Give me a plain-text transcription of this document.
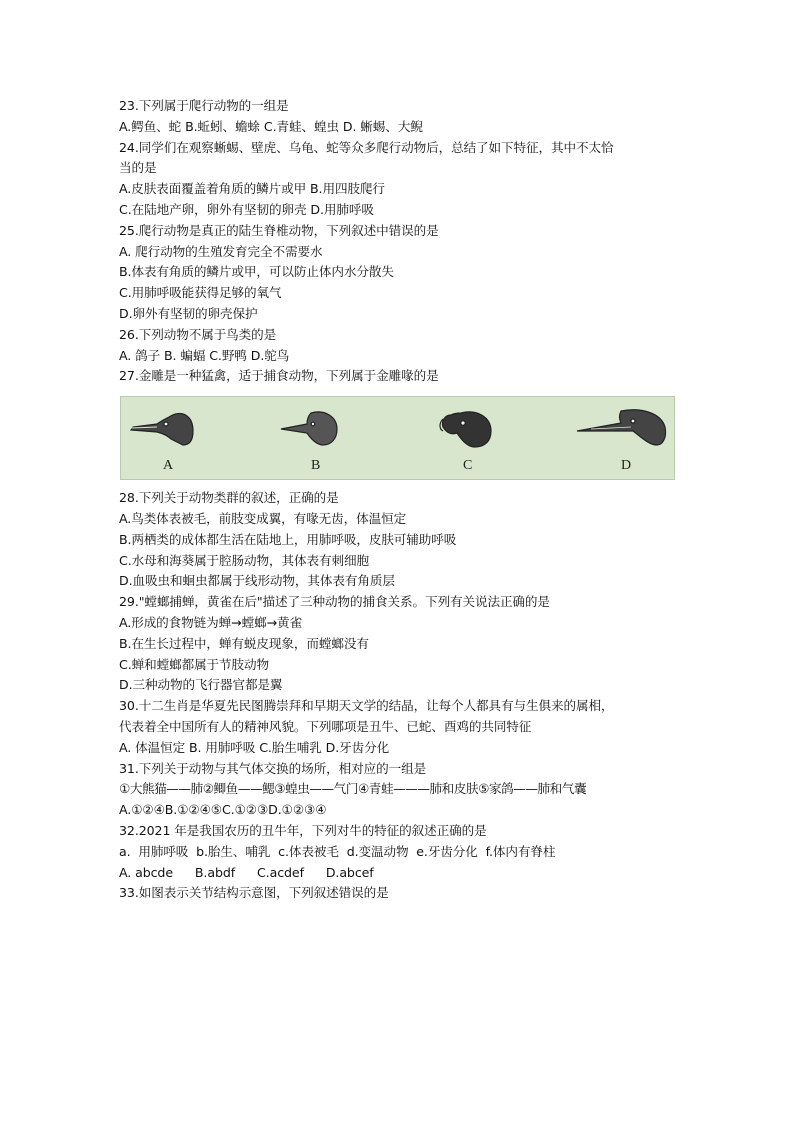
23.下列属于爬行动物的一组是
A.鳄鱼、蛇 B.蚯蚓、蟾蜍 C.青蛙、蝗虫 D. 蜥蜴、大鲵
24.同学们在观察蜥蜴、壁虎、乌龟、蛇等众多爬行动物后，总结了如下特征，其中不太恰
当的是
A.皮肤表面覆盖着角质的鳞片或甲 B.用四肢爬行
C.在陆地产卵，卵外有坚韧的卵壳 D.用肺呼吸
25.爬行动物是真正的陆生脊椎动物，下列叙述中错误的是
A. 爬行动物的生殖发育完全不需要水
B.体表有角质的鳞片或甲，可以防止体内水分散失
C.用肺呼吸能获得足够的氧气
D.卵外有坚韧的卵壳保护
26.下列动物不属于鸟类的是
A. 鸽子 B. 蝙蝠 C.野鸭 D.鸵鸟
27.金雕是一种猛禽，适于捕食动物，下列属于金雕喙的是
A	B	C	D
28.下列关于动物类群的叙述，正确的是
A.鸟类体表被毛，前肢变成翼，有喙无齿，体温恒定
B.两栖类的成体都生活在陆地上，用肺呼吸，皮肤可辅助呼吸
C.水母和海葵属于腔肠动物，其体表有刺细胞
D.血吸虫和蛔虫都属于线形动物，其体表有角质层
29."螳螂捕蝉，黄雀在后"描述了三种动物的捕食关系。下列有关说法正确的是
A.形成的食物链为蝉→螳螂→黄雀
B.在生长过程中，蝉有蜕皮现象，而螳螂没有
C.蝉和螳螂都属于节肢动物
D.三种动物的飞行器官都是翼
30.十二生肖是华夏先民图腾崇拜和早期天文学的结晶，让每个人都具有与生俱来的属相，
代表着全中国所有人的精神风貌。下列哪项是丑牛、已蛇、酉鸡的共同特征
A. 体温恒定 B. 用肺呼吸 C.胎生哺乳 D.牙齿分化
31.下列关于动物与其气体交换的场所，相对应的一组是
①大熊猫——肺②鲫鱼——鳃③蝗虫——气门④青蛙———肺和皮肤⑤家鸽——肺和气囊
A.①②④B.①②④⑤C.①②③D.①②③④
32.2021 年是我国农历的丑牛年，下列对牛的特征的叙述正确的是
a.  用肺呼吸  b.胎生、哺乳  c.体表被毛  d.变温动物  e.牙齿分化  f.体内有脊柱
A. abcde B.abdf C.acdef D.abcef
33.如图表示关节结构示意图，下列叙述错误的是
